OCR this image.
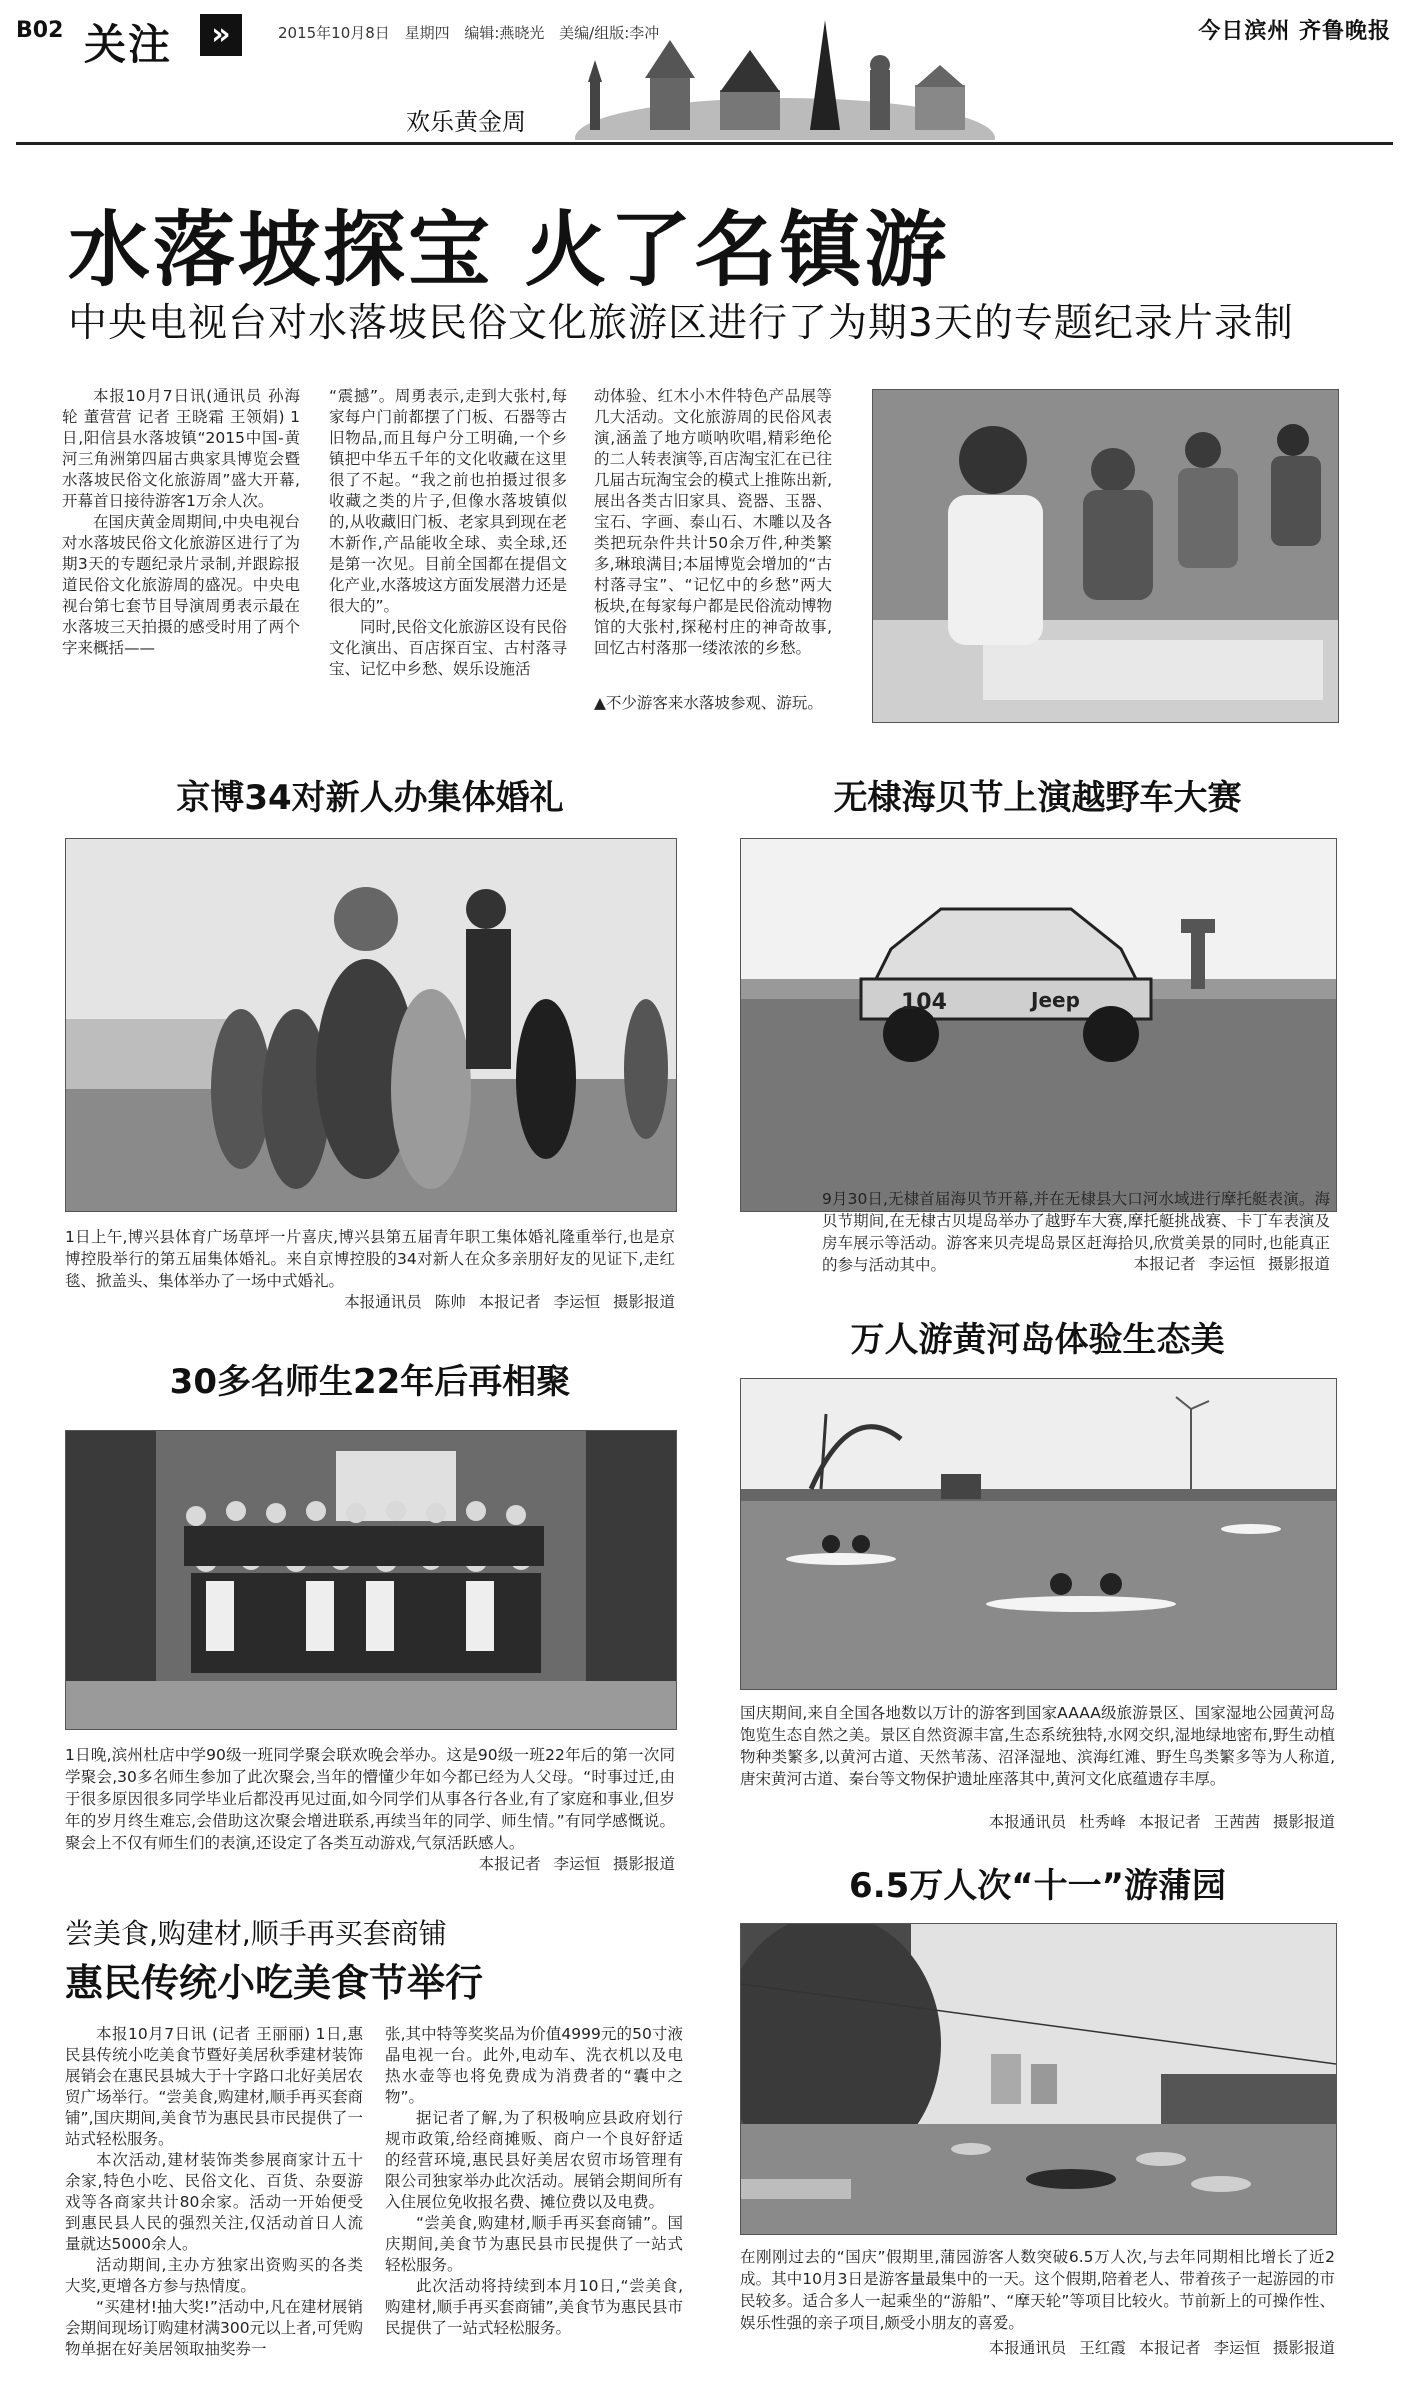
B02 关注	»	2015年10月8日 星期四 编辑:燕晓光 美编/组版:李冲	今日滨州 齐鲁晚报
欢乐黄金周
水落坡探宝 火了名镇游
中央电视台对水落坡民俗文化旅游区进行了为期3天的专题纪录片录制

本报10月7日讯(通讯员 孙海轮 董营营 记者 王晓霜 王领娟) 1日,阳信县水落坡镇“2015中国-黄河三角洲第四届古典家具博览会暨水落坡民俗文化旅游周”盛大开幕,开幕首日接待游客1万余人次。

在国庆黄金周期间,中央电视台对水落坡民俗文化旅游区进行了为期3天的专题纪录片录制,并跟踪报道民俗文化旅游周的盛况。中央电视台第七套节目导演周勇表示最在水落坡三天拍摄的感受时用了两个字来概括——

“震撼”。周勇表示,走到大张村,每家每户门前都摆了门板、石器等古旧物品,而且每户分工明确,一个乡镇把中华五千年的文化收藏在这里很了不起。“我之前也拍摄过很多收藏之类的片子,但像水落坡镇似的,从收藏旧门板、老家具到现在老木新作,产品能收全球、卖全球,还是第一次见。目前全国都在提倡文化产业,水落坡这方面发展潜力还是很大的”。

同时,民俗文化旅游区设有民俗文化演出、百店探百宝、古村落寻宝、记忆中乡愁、娱乐设施活

动体验、红木小木件特色产品展等几大活动。文化旅游周的民俗风表演,涵盖了地方唢呐吹唱,精彩绝伦的二人转表演等,百店淘宝汇在已往几届古玩淘宝会的模式上推陈出新,展出各类古旧家具、瓷器、玉器、宝石、字画、泰山石、木雕以及各类把玩杂件共计50余万件,种类繁多,琳琅满目;本届博览会增加的“古村落寻宝”、“记忆中的乡愁”两大板块,在每家每户都是民俗流动博物馆的大张村,探秘村庄的神奇故事,回忆古村落那一缕浓浓的乡愁。

▲不少游客来水落坡参观、游玩。
京博34对新人办集体婚礼
1日上午,博兴县体育广场草坪一片喜庆,博兴县第五届青年职工集体婚礼隆重举行,也是京博控股举行的第五届集体婚礼。来自京博控股的34对新人在众多亲朋好友的见证下,走红毯、掀盖头、集体举办了一场中式婚礼。
本报通讯员 陈帅 本报记者 李运恒 摄影报道
无棣海贝节上演越野车大赛
104	Jeep
9月30日,无棣首届海贝节开幕,并在无棣县大口河水域进行摩托艇表演。海贝节期间,在无棣古贝堤岛举办了越野车大赛,摩托艇挑战赛、卡丁车表演及房车展示等活动。游客来贝壳堤岛景区赶海拾贝,欣赏美景的同时,也能真正的参与活动其中。	本报记者 李运恒 摄影报道
30多名师生22年后再相聚
1日晚,滨州杜店中学90级一班同学聚会联欢晚会举办。这是90级一班22年后的第一次同学聚会,30多名师生参加了此次聚会,当年的懵懂少年如今都已经为人父母。“时事过迁,由于很多原因很多同学毕业后都没再见过面,如今同学们从事各行各业,有了家庭和事业,但岁年的岁月终生难忘,会借助这次聚会增进联系,再续当年的同学、师生情。”有同学感慨说。聚会上不仅有师生们的表演,还设定了各类互动游戏,气氛活跃感人。
本报记者 李运恒 摄影报道
万人游黄河岛体验生态美
国庆期间,来自全国各地数以万计的游客到国家AAAA级旅游景区、国家湿地公园黄河岛饱览生态自然之美。景区自然资源丰富,生态系统独特,水网交织,湿地绿地密布,野生动植物种类繁多,以黄河古道、天然苇荡、沼泽湿地、滨海红滩、野生鸟类繁多等为人称道,唐宋黄河古道、秦台等文物保护遗址座落其中,黄河文化底蕴遗存丰厚。
本报通讯员 杜秀峰 本报记者 王茜茜 摄影报道
尝美食,购建材,顺手再买套商铺
惠民传统小吃美食节举行

本报10月7日讯 (记者 王丽丽) 1日,惠民县传统小吃美食节暨好美居秋季建材装饰展销会在惠民县城大于十字路口北好美居农贸广场举行。“尝美食,购建材,顺手再买套商铺”,国庆期间,美食节为惠民县市民提供了一站式轻松服务。

本次活动,建材装饰类参展商家计五十余家,特色小吃、民俗文化、百货、杂耍游戏等各商家共计80余家。活动一开始便受到惠民县人民的强烈关注,仅活动首日人流量就达5000余人。

活动期间,主办方独家出资购买的各类大奖,更增各方参与热情度。

“买建材!抽大奖!”活动中,凡在建材展销会期间现场订购建材满300元以上者,可凭购物单据在好美居领取抽奖券一

张,其中特等奖奖品为价值4999元的50寸液晶电视一台。此外,电动车、洗衣机以及电热水壶等也将免费成为消费者的“囊中之物”。

据记者了解,为了积极响应县政府划行规市政策,给经商摊贩、商户一个良好舒适的经营环境,惠民县好美居农贸市场管理有限公司独家举办此次活动。展销会期间所有入住展位免收报名费、摊位费以及电费。

“尝美食,购建材,顺手再买套商铺”。国庆期间,美食节为惠民县市民提供了一站式轻松服务。

此次活动将持续到本月10日,“尝美食,购建材,顺手再买套商铺”,美食节为惠民县市民提供了一站式轻松服务。

6.5万人次“十一”游蒲园
在刚刚过去的“国庆”假期里,蒲园游客人数突破6.5万人次,与去年同期相比增长了近2成。其中10月3日是游客量最集中的一天。这个假期,陪着老人、带着孩子一起游园的市民较多。适合多人一起乘坐的“游船”、“摩天轮”等项目比较火。节前新上的可操作性、娱乐性强的亲子项目,颇受小朋友的喜爱。
本报通讯员 王红霞 本报记者 李运恒 摄影报道
